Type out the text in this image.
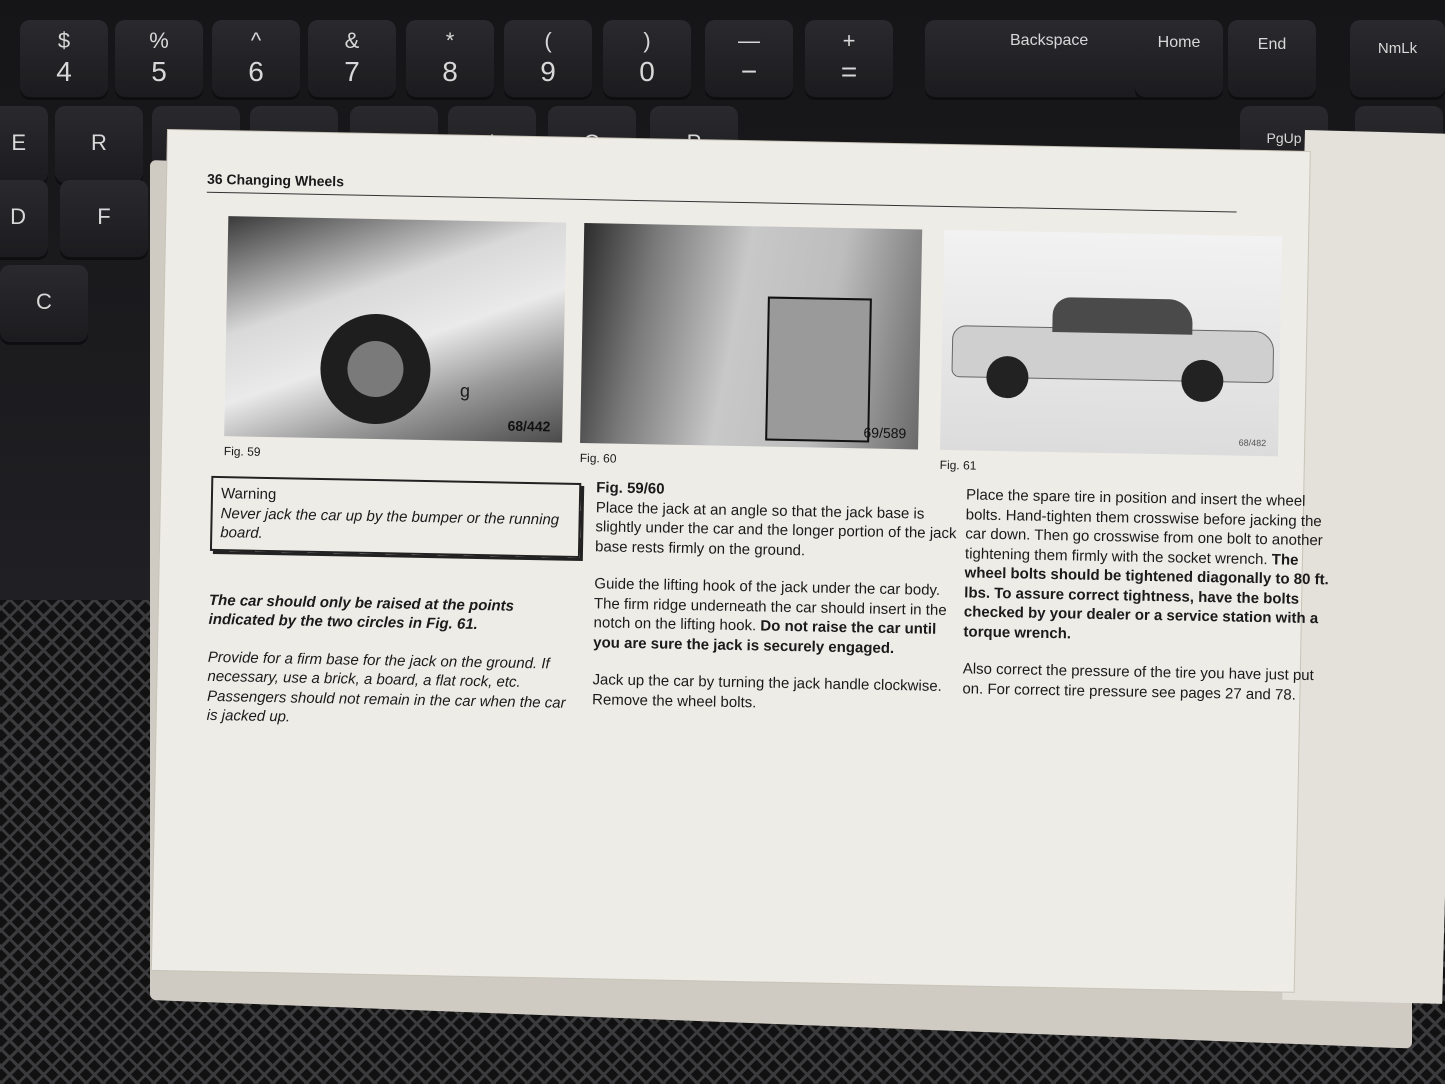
$
4
%
5
^
6
&
7
*
8
(
9
)
0
—
−
+
=
Backspace	Home	End	NmLk
E	R	PgUp
D	F
C
36 Changing Wheels
g
68/442
Fig. 59
69/589
Fig. 60
68/482
Fig. 61
Warning
Never jack the car up by the bumper or the running board.
The car should only be raised at the points indicated by the two circles in Fig. 61.
Provide for a firm base for the jack on the ground. If necessary, use a brick, a board, a flat rock, etc. Passengers should not remain in the car when the car is jacked up.
Fig. 59/60
Place the jack at an angle so that the jack base is slightly under the car and the longer portion of the jack base rests firmly on the ground.
Guide the lifting hook of the jack under the car body. The firm ridge underneath the car should insert in the notch on the lifting hook. Do not raise the car until you are sure the jack is securely engaged.
Jack up the car by turning the jack handle clockwise. Remove the wheel bolts.
Place the spare tire in position and insert the wheel bolts. Hand-tighten them crosswise before jacking the car down. Then go crosswise from one bolt to another tightening them firmly with the socket wrench. The wheel bolts should be tightened diagonally to 80 ft. lbs. To assure correct tightness, have the bolts checked by your dealer or a service station with a torque wrench.
Also correct the pressure of the tire you have just put on. For correct tire pressure see pages 27 and 78.
